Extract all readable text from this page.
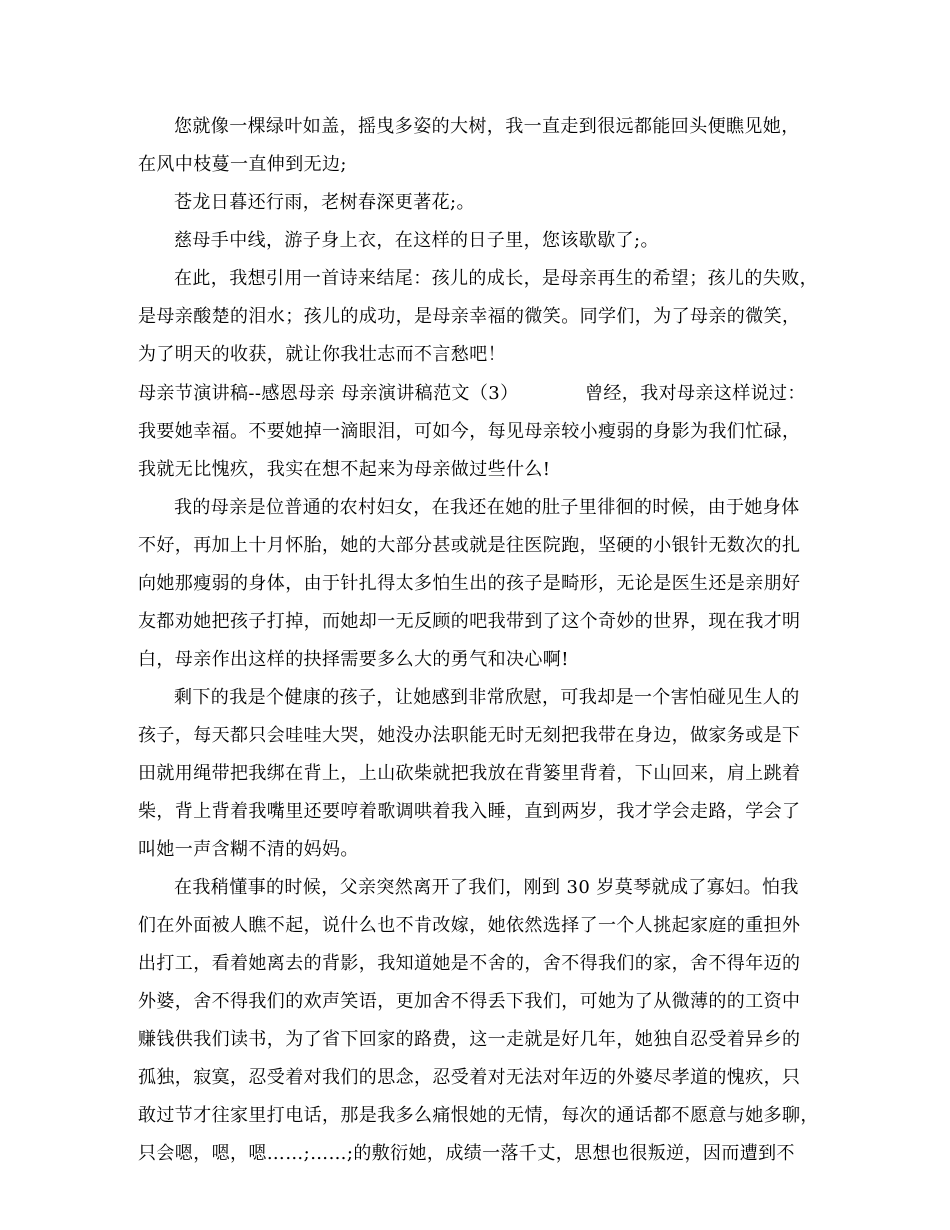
您就像一棵绿叶如盖，摇曳多姿的大树，我一直走到很远都能回头便瞧见她，
在风中枝蔓一直伸到无边;
苍龙日暮还行雨，老树春深更著花;。
慈母手中线，游子身上衣，在这样的日子里，您该歇歇了;。
在此，我想引用一首诗来结尾：孩儿的成长，是母亲再生的希望；孩儿的失败，
是母亲酸楚的泪水；孩儿的成功，是母亲幸福的微笑。同学们，为了母亲的微笑，
为了明天的收获，就让你我壮志而不言愁吧！
母亲节演讲稿--感恩母亲 母亲演讲稿范文（3）	曾经，我对母亲这样说过：
我要她幸福。不要她掉一滴眼泪，可如今，每见母亲较小瘦弱的身影为我们忙碌，
我就无比愧疚，我实在想不起来为母亲做过些什么!
我的母亲是位普通的农村妇女，在我还在她的肚子里徘徊的时候，由于她身体
不好，再加上十月怀胎，她的大部分甚或就是往医院跑，坚硬的小银针无数次的扎
向她那瘦弱的身体，由于针扎得太多怕生出的孩子是畸形，无论是医生还是亲朋好
友都劝她把孩子打掉，而她却一无反顾的吧我带到了这个奇妙的世界，现在我才明
白，母亲作出这样的抉择需要多么大的勇气和决心啊!
剩下的我是个健康的孩子，让她感到非常欣慰，可我却是一个害怕碰见生人的
孩子，每天都只会哇哇大哭，她没办法职能无时无刻把我带在身边，做家务或是下
田就用绳带把我绑在背上，上山砍柴就把我放在背篓里背着，下山回来，肩上跳着
柴，背上背着我嘴里还要哼着歌调哄着我入睡，直到两岁，我才学会走路，学会了
叫她一声含糊不清的妈妈。
在我稍懂事的时候，父亲突然离开了我们，刚到 30 岁莫琴就成了寡妇。怕我
们在外面被人瞧不起，说什么也不肯改嫁，她依然选择了一个人挑起家庭的重担外
出打工，看着她离去的背影，我知道她是不舍的，舍不得我们的家，舍不得年迈的
外婆，舍不得我们的欢声笑语，更加舍不得丢下我们，可她为了从微薄的的工资中
赚钱供我们读书，为了省下回家的路费，这一走就是好几年，她独自忍受着异乡的
孤独，寂寞，忍受着对我们的思念，忍受着对无法对年迈的外婆尽孝道的愧疚，只
敢过节才往家里打电话，那是我多么痛恨她的无情，每次的通话都不愿意与她多聊，
只会嗯，嗯，嗯……;……;的敷衍她，成绩一落千丈，思想也很叛逆，因而遭到不
